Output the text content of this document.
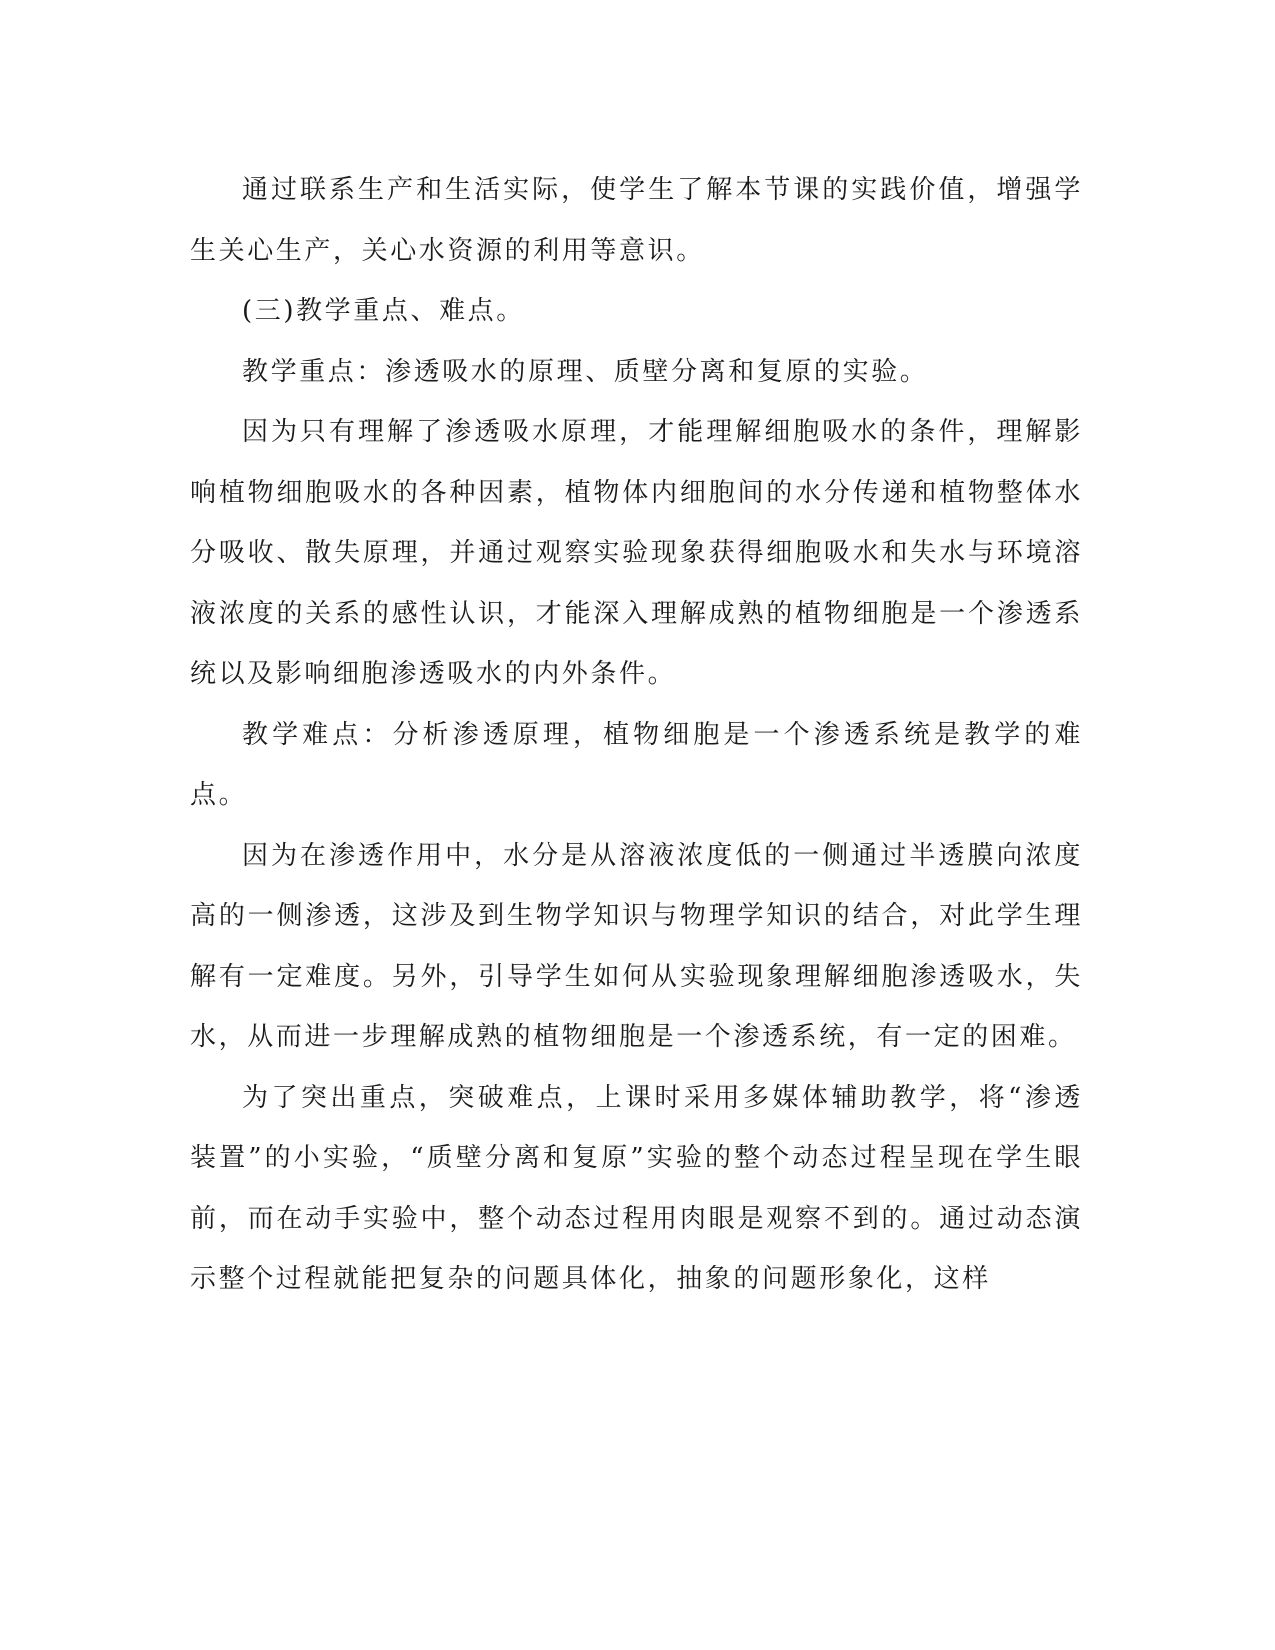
通过联系生产和生活实际，使学生了解本节课的实践价值，增强学生关心生产，关心水资源的利用等意识。

(三)教学重点、难点。

教学重点：渗透吸水的原理、质壁分离和复原的实验。

因为只有理解了渗透吸水原理，才能理解细胞吸水的条件，理解影响植物细胞吸水的各种因素，植物体内细胞间的水分传递和植物整体水分吸收、散失原理，并通过观察实验现象获得细胞吸水和失水与环境溶液浓度的关系的感性认识，才能深入理解成熟的植物细胞是一个渗透系统以及影响细胞渗透吸水的内外条件。

教学难点：分析渗透原理，植物细胞是一个渗透系统是教学的难点。

因为在渗透作用中，水分是从溶液浓度低的一侧通过半透膜向浓度高的一侧渗透，这涉及到生物学知识与物理学知识的结合，对此学生理解有一定难度。另外，引导学生如何从实验现象理解细胞渗透吸水，失水，从而进一步理解成熟的植物细胞是一个渗透系统，有一定的困难。

为了突出重点，突破难点，上课时采用多媒体辅助教学，将“渗透装置”的小实验，“质壁分离和复原”实验的整个动态过程呈现在学生眼前，而在动手实验中，整个动态过程用肉眼是观察不到的。通过动态演示整个过程就能把复杂的问题具体化，抽象的问题形象化，这样
